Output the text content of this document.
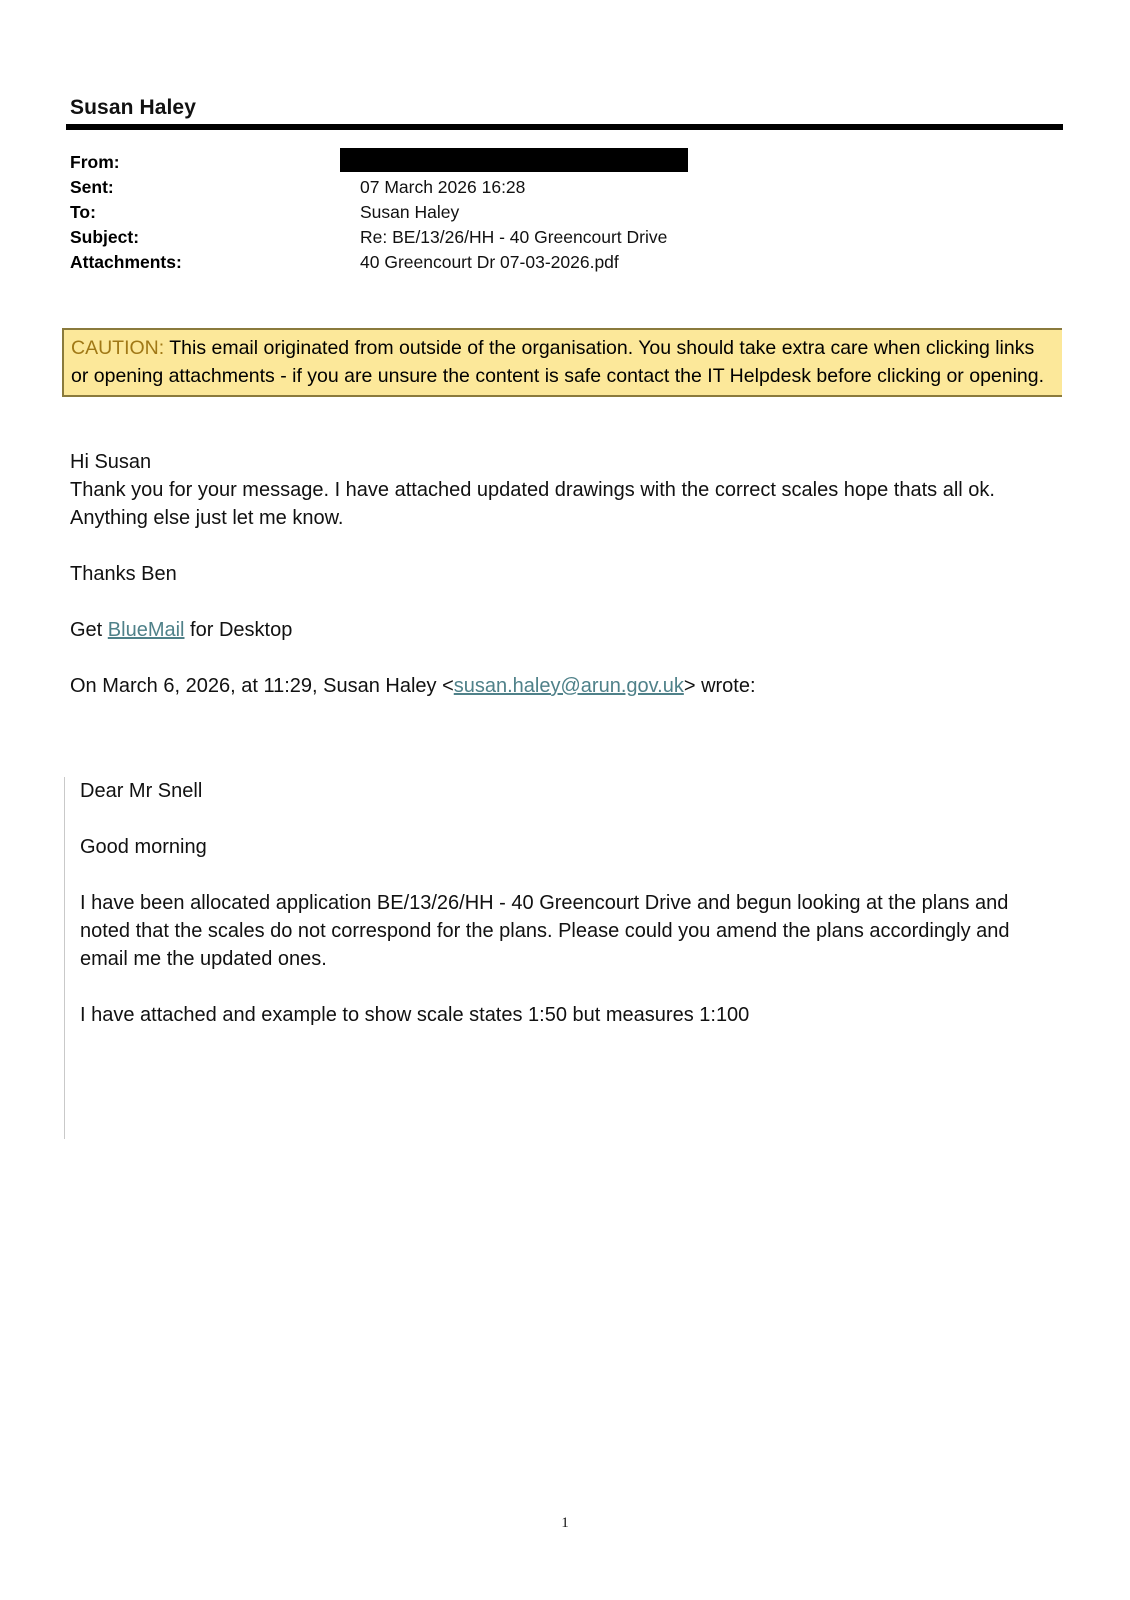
Susan Haley
From:
Sent:	07 March 2026 16:28
To:	Susan Haley
Subject:	Re: BE/13/26/HH - 40 Greencourt Drive
Attachments:	40 Greencourt Dr 07-03-2026.pdf
CAUTION: This email originated from outside of the organisation. You should take extra care when clicking links or opening attachments - if you are unsure the content is safe contact the IT Helpdesk before clicking or opening.

Hi Susan

Thank you for your message. I have attached updated drawings with the correct scales hope thats all ok.

Anything else just let me know.

Thanks Ben

Get BlueMail for Desktop

On March 6, 2026, at 11:29, Susan Haley <susan.haley@arun.gov.uk> wrote:

Dear Mr Snell

Good morning

I have been allocated application BE/13/26/HH - 40 Greencourt Drive and begun looking at the plans and noted that the scales do not correspond for the plans. Please could you amend the plans accordingly and email me the updated ones.

I have attached and example to show scale states 1:50 but measures 1:100

1
